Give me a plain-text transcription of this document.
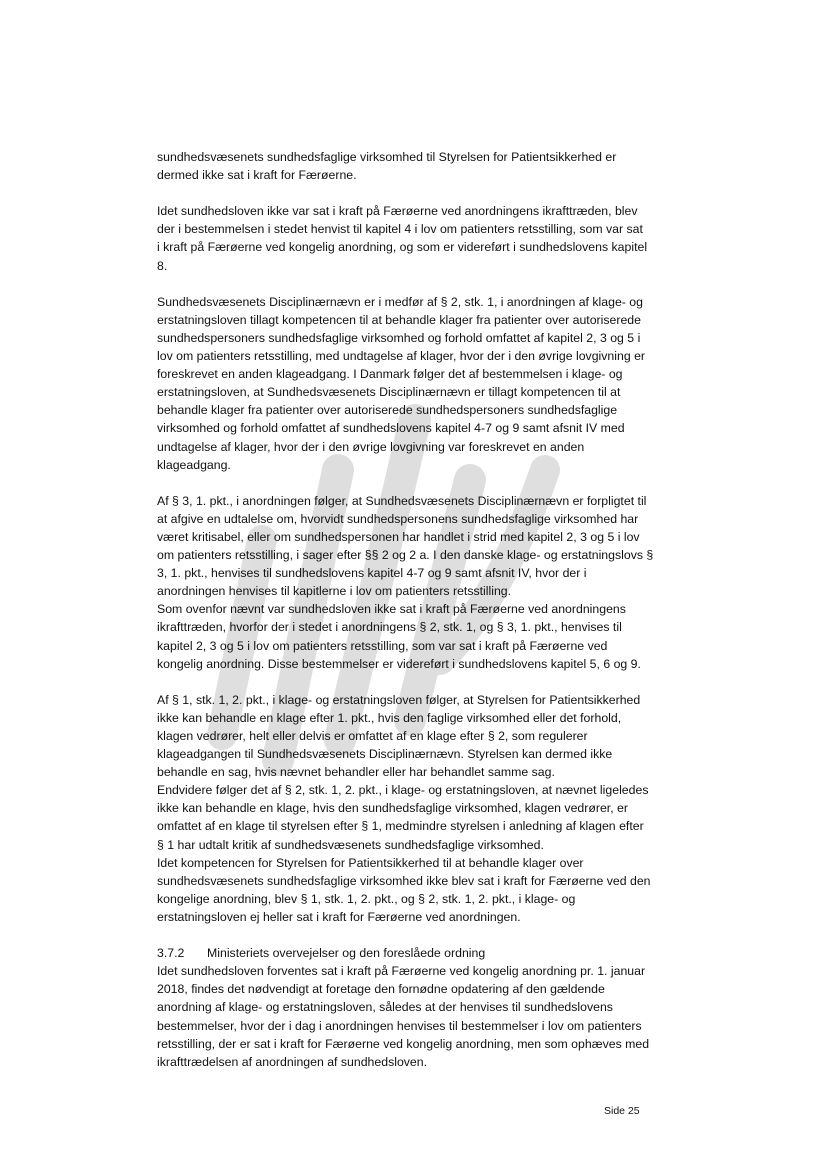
sundhedsvæsenets sundhedsfaglige virksomhed til Styrelsen for Patientsikkerhed er
dermed ikke sat i kraft for Færøerne.

Idet sundhedsloven ikke var sat i kraft på Færøerne ved anordningens ikrafttræden, blev
der i bestemmelsen i stedet henvist til kapitel 4 i lov om patienters retsstilling, som var sat
i kraft på Færøerne ved kongelig anordning, og som er videreført i sundhedslovens kapitel
8.

Sundhedsvæsenets Disciplinærnævn er i medfør af § 2, stk. 1, i anordningen af klage- og
erstatningsloven tillagt kompetencen til at behandle klager fra patienter over autoriserede
sundhedspersoners sundhedsfaglige virksomhed og forhold omfattet af kapitel 2, 3 og 5 i
lov om patienters retsstilling, med undtagelse af klager, hvor der i den øvrige lovgivning er
foreskrevet en anden klageadgang. I Danmark følger det af bestemmelsen i klage- og
erstatningsloven, at Sundhedsvæsenets Disciplinærnævn er tillagt kompetencen til at
behandle klager fra patienter over autoriserede sundhedspersoners sundhedsfaglige
virksomhed og forhold omfattet af sundhedslovens kapitel 4-7 og 9 samt afsnit IV med
undtagelse af klager, hvor der i den øvrige lovgivning var foreskrevet en anden
klageadgang.

Af § 3, 1. pkt., i anordningen følger, at Sundhedsvæsenets Disciplinærnævn er forpligtet til
at afgive en udtalelse om, hvorvidt sundhedspersonens sundhedsfaglige virksomhed har
været kritisabel, eller om sundhedspersonen har handlet i strid med kapitel 2, 3 og 5 i lov
om patienters retsstilling, i sager efter §§ 2 og 2 a. I den danske klage- og erstatningslovs §
3, 1. pkt., henvises til sundhedslovens kapitel 4-7 og 9 samt afsnit IV, hvor der i
anordningen henvises til kapitlerne i lov om patienters retsstilling.
Som ovenfor nævnt var sundhedsloven ikke sat i kraft på Færøerne ved anordningens
ikrafttræden, hvorfor der i stedet i anordningens § 2, stk. 1, og § 3, 1. pkt., henvises til
kapitel 2, 3 og 5 i lov om patienters retsstilling, som var sat i kraft på Færøerne ved
kongelig anordning. Disse bestemmelser er videreført i sundhedslovens kapitel 5, 6 og 9.

Af § 1, stk. 1, 2. pkt., i klage- og erstatningsloven følger, at Styrelsen for Patientsikkerhed
ikke kan behandle en klage efter 1. pkt., hvis den faglige virksomhed eller det forhold,
klagen vedrører, helt eller delvis er omfattet af en klage efter § 2, som regulerer
klageadgangen til Sundhedsvæsenets Disciplinærnævn. Styrelsen kan dermed ikke
behandle en sag, hvis nævnet behandler eller har behandlet samme sag.
Endvidere følger det af § 2, stk. 1, 2. pkt., i klage- og erstatningsloven, at nævnet ligeledes
ikke kan behandle en klage, hvis den sundhedsfaglige virksomhed, klagen vedrører, er
omfattet af en klage til styrelsen efter § 1, medmindre styrelsen i anledning af klagen efter
§ 1 har udtalt kritik af sundhedsvæsenets sundhedsfaglige virksomhed.
Idet kompetencen for Styrelsen for Patientsikkerhed til at behandle klager over
sundhedsvæsenets sundhedsfaglige virksomhed ikke blev sat i kraft for Færøerne ved den
kongelige anordning, blev § 1, stk. 1, 2. pkt., og § 2, stk. 1, 2. pkt., i klage- og
erstatningsloven ej heller sat i kraft for Færøerne ved anordningen.

3.7.2 Ministeriets overvejelser og den foreslåede ordning
Idet sundhedsloven forventes sat i kraft på Færøerne ved kongelig anordning pr. 1. januar
2018, findes det nødvendigt at foretage den fornødne opdatering af den gældende
anordning af klage- og erstatningsloven, således at der henvises til sundhedslovens
bestemmelser, hvor der i dag i anordningen henvises til bestemmelser i lov om patienters
retsstilling, der er sat i kraft for Færøerne ved kongelig anordning, men som ophæves med
ikrafttrædelsen af anordningen af sundhedsloven.

Side 25
